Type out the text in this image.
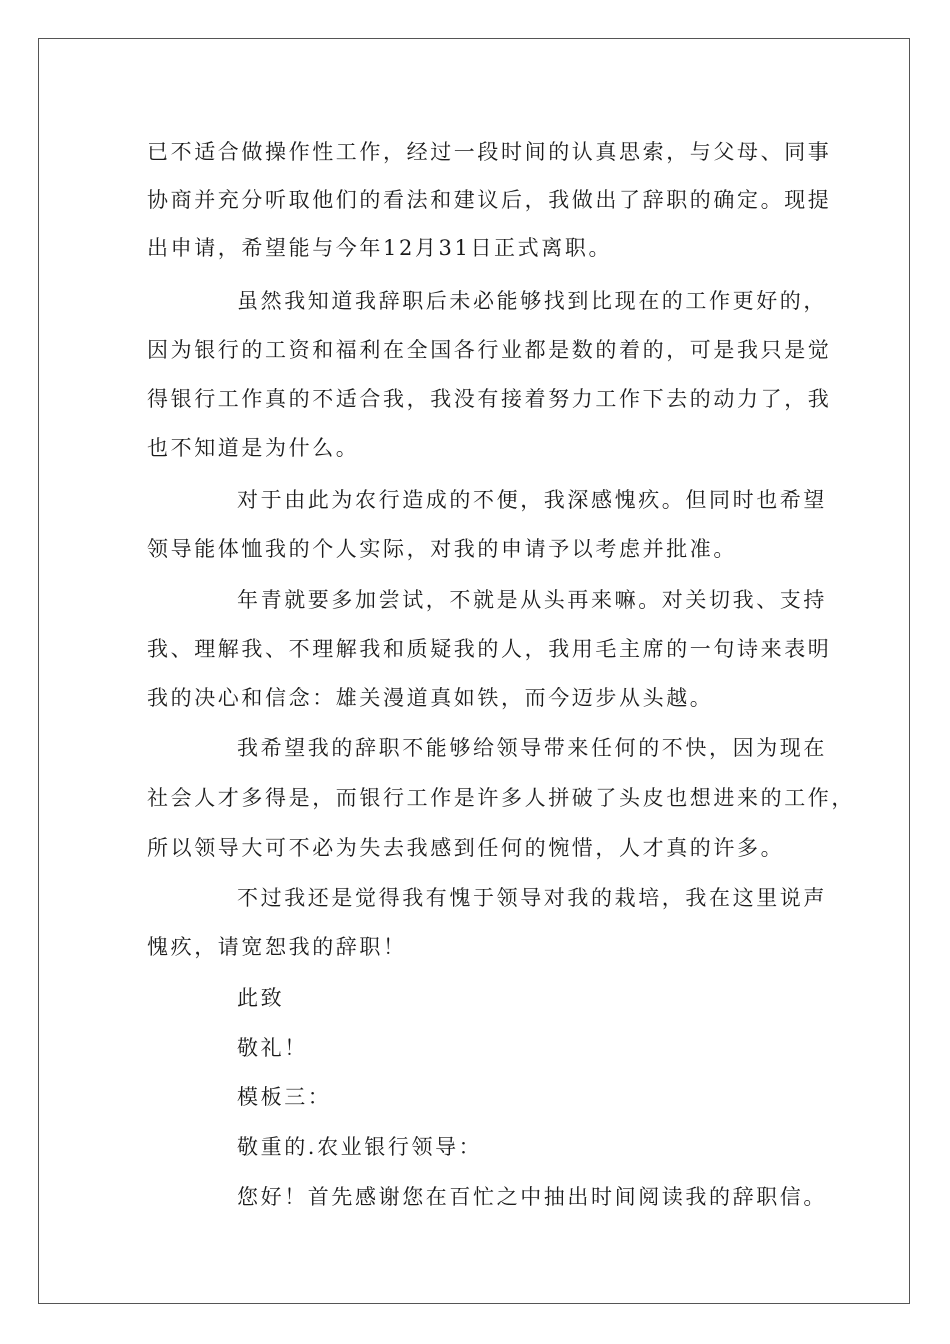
已不适合做操作性工作，经过一段时间的认真思索，与父母、同事
协商并充分听取他们的看法和建议后，我做出了辞职的确定。现提
出申请，希望能与今年12月31日正式离职。
虽然我知道我辞职后未必能够找到比现在的工作更好的，
因为银行的工资和福利在全国各行业都是数的着的，可是我只是觉
得银行工作真的不适合我，我没有接着努力工作下去的动力了，我
也不知道是为什么。
对于由此为农行造成的不便，我深感愧疚。但同时也希望
领导能体恤我的个人实际，对我的申请予以考虑并批准。
年青就要多加尝试，不就是从头再来嘛。对关切我、支持
我、理解我、不理解我和质疑我的人，我用毛主席的一句诗来表明
我的决心和信念：雄关漫道真如铁，而今迈步从头越。
我希望我的辞职不能够给领导带来任何的不快，因为现在
社会人才多得是，而银行工作是许多人拼破了头皮也想进来的工作，
所以领导大可不必为失去我感到任何的惋惜，人才真的许多。
不过我还是觉得我有愧于领导对我的栽培，我在这里说声
愧疚，请宽恕我的辞职！
此致
敬礼！
模板三：
敬重的.农业银行领导：
您好！首先感谢您在百忙之中抽出时间阅读我的辞职信。
